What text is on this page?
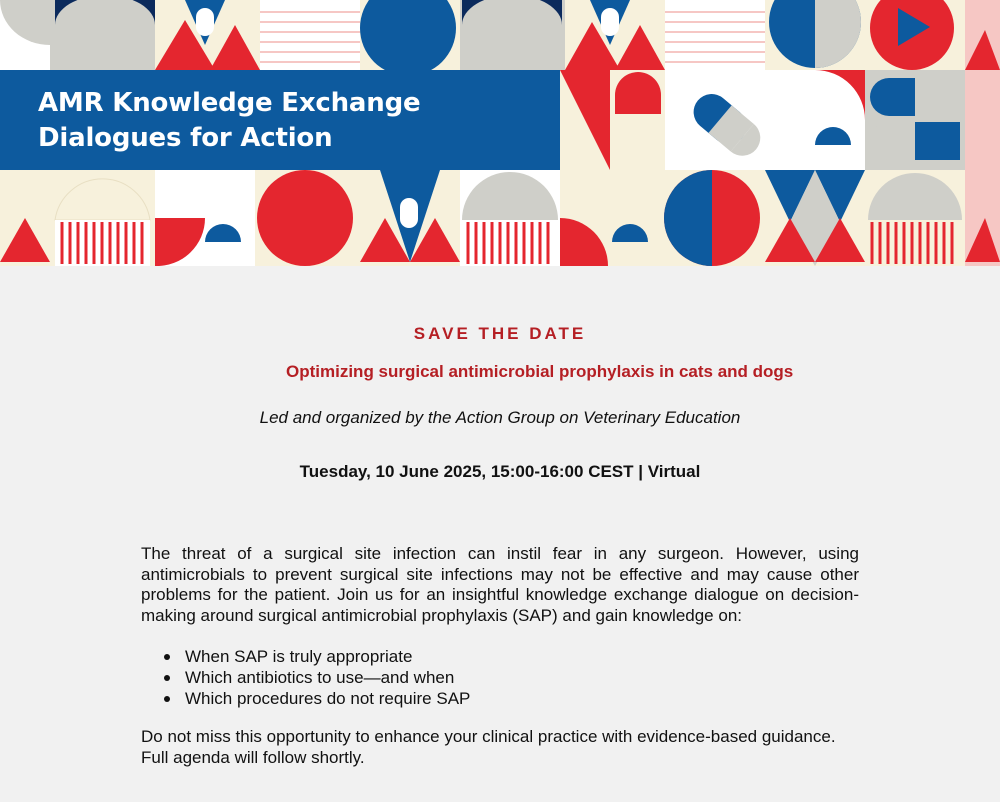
AMR Knowledge Exchange
Dialogues for Action
SAVE THE DATE
Optimizing surgical antimicrobial prophylaxis in cats and dogs
Led and organized by the Action Group on Veterinary Education
Tuesday, 10 June 2025, 15:00-16:00 CEST | Virtual

The threat of a surgical site infection can instil fear in any surgeon. However, using antimicrobials to prevent surgical site infections may not be effective and may cause other problems for the patient. Join us for an insightful knowledge exchange dialogue on decision-making around surgical antimicrobial prophylaxis (SAP) and gain knowledge on:

When SAP is truly appropriate
Which antibiotics to use—and when
Which procedures do not require SAP

Do not miss this opportunity to enhance your clinical practice with evidence-based guidance.
Full agenda will follow shortly.
